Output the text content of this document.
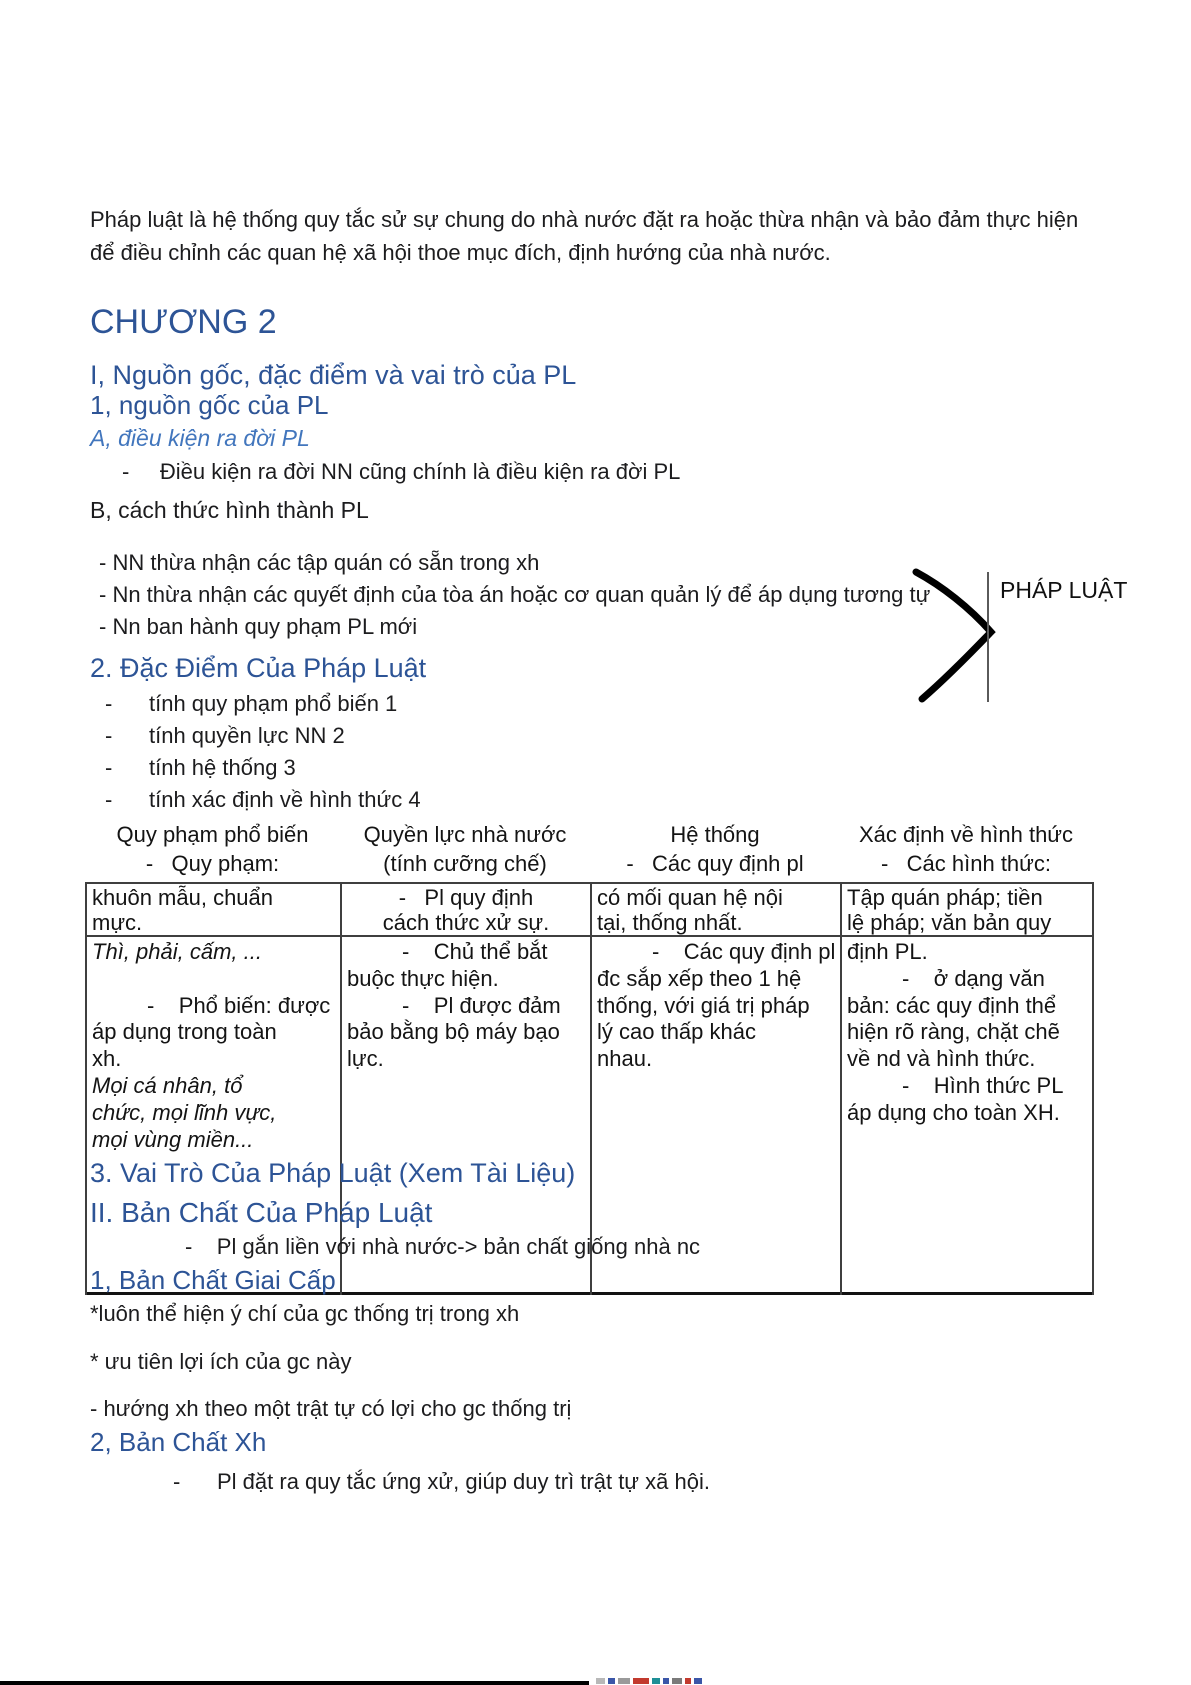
Pháp luật là hệ thống quy tắc sử sự chung do nhà nước đặt ra hoặc thừa nhận và bảo đảm thực hiện
để điều chỉnh các quan hệ xã hội thoe mục đích, định hướng của nhà nước.
CHƯƠNG 2
I, Nguồn gốc, đặc điểm và vai trò của PL
1, nguồn gốc của PL
A, điều kiện ra đời PL
-     Điều kiện ra đời NN cũng chính là điều kiện ra đời PL
B, cách thức hình thành PL
- NN thừa nhận các tập quán có sẵn trong xh
- Nn thừa nhận các quyết định của tòa án hoặc cơ quan quản lý để áp dụng tương tự
- Nn ban hành quy phạm PL mới
PHÁP LUẬT
2. Đặc Điểm Của Pháp Luật
-      tính quy phạm phổ biến 1
-      tính quyền lực NN 2
-      tính hệ thống 3
-      tính xác định về hình thức 4
Quy phạm phổ biến
-   Quy phạm:
Quyền lực nhà nước
(tính cưỡng chế)
Hệ thống
-   Các quy định pl
Xác định về hình thức
-   Các hình thức:
khuôn mẫu, chuẩn
mực.
-   Pl quy định
cách thức xử sự.
có mối quan hệ nội
tại, thống nhất.
Tập quán pháp; tiền
lệ pháp; văn bản quy
Thì, phải, cấm, ...

-    Phổ biến: được
áp dụng trong toàn
xh.
Mọi cá nhân, tổ
chức, mọi lĩnh vực,
mọi vùng miền...
-    Chủ thể bắt
buộc thực hiện.
-    Pl được đảm
bảo bằng bộ máy bạo
lực.
-    Các quy định pl
đc sắp xếp theo 1 hệ
thống, với giá trị pháp
lý cao thấp khác
nhau.
định PL.
-    ở dạng văn
bản: các quy định thể
hiện rõ ràng, chặt chẽ
về nd và hình thức.
-    Hình thức PL
áp dụng cho toàn XH.
3. Vai Trò Của Pháp Luật (Xem Tài Liệu)
II. Bản Chất Của Pháp Luật
-    Pl gắn liền với nhà nước-> bản chất giống nhà nc
1, Bản Chất Giai Cấp
*luôn thể hiện ý chí của gc thống trị trong xh
* ưu tiên lợi ích của gc này
- hướng xh theo một trật tự có lợi cho gc thống trị
2, Bản Chất Xh
-      Pl đặt ra quy tắc ứng xử, giúp duy trì trật tự xã hội.
